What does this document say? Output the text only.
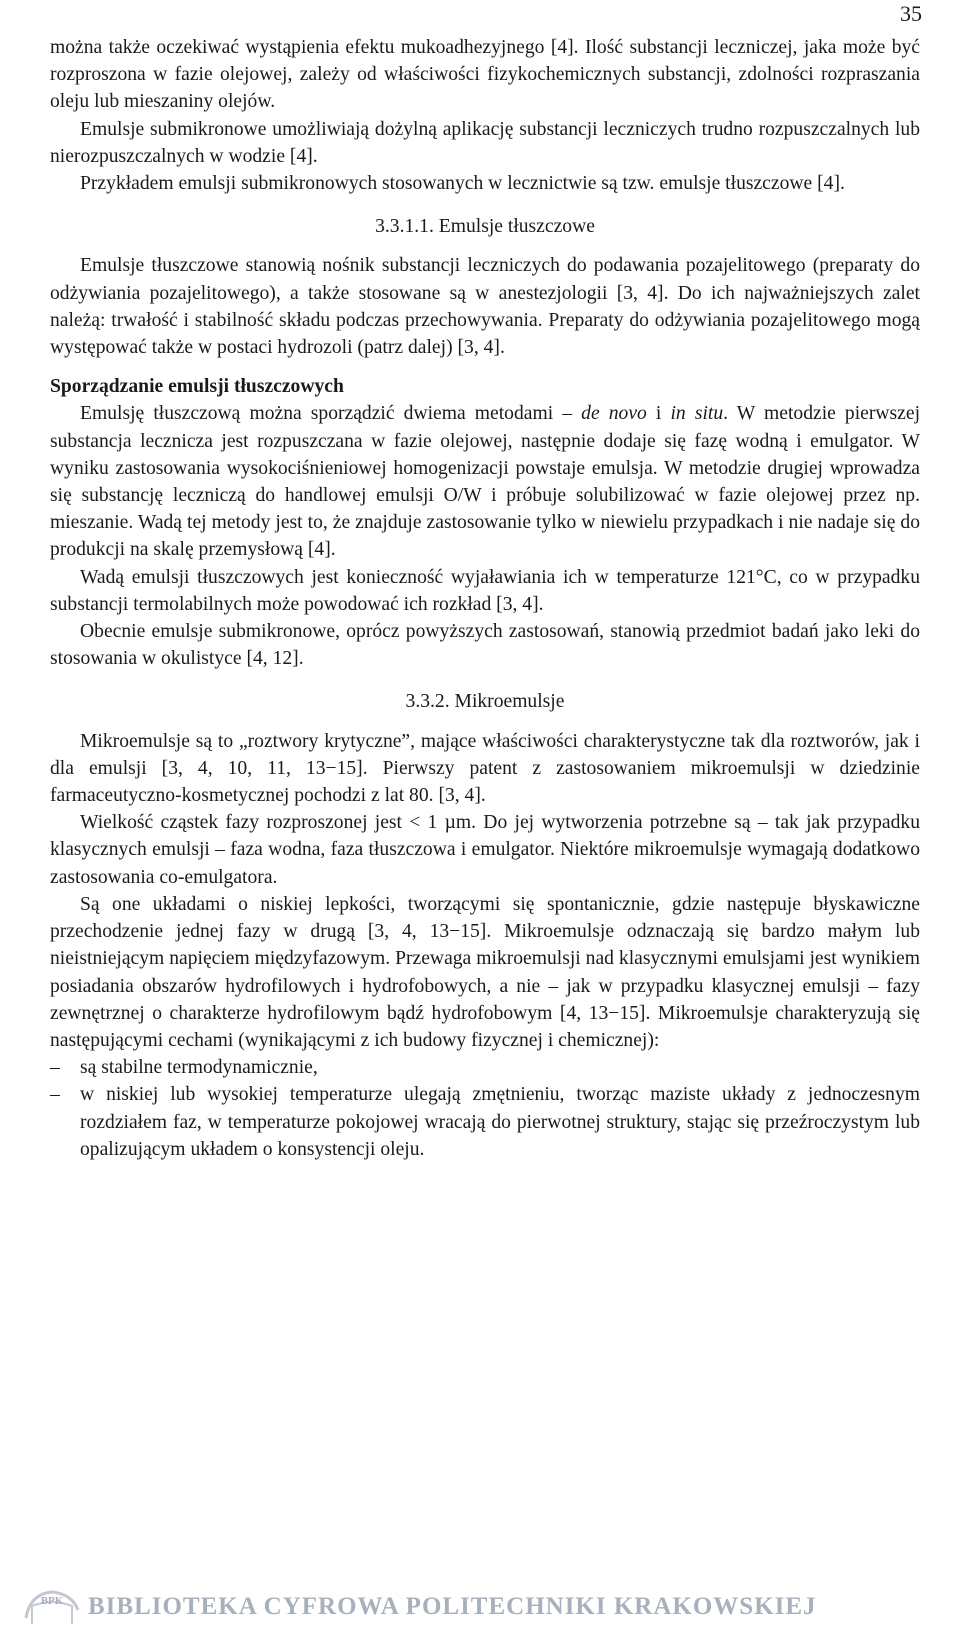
35

można także oczekiwać wystąpienia efektu mukoadhezyjnego [4]. Ilość substancji leczniczej, jaka może być rozproszona w fazie olejowej, zależy od właściwości fizykochemicznych substancji, zdolności rozpraszania oleju lub mieszaniny olejów.

Emulsje submikronowe umożliwiają dożylną aplikację substancji leczniczych trudno rozpuszczalnych lub nierozpuszczalnych w wodzie [4].

Przykładem emulsji submikronowych stosowanych w lecznictwie są tzw. emulsje tłuszczowe [4].

3.3.1.1. Emulsje tłuszczowe

Emulsje tłuszczowe stanowią nośnik substancji leczniczych do podawania pozajelitowego (preparaty do odżywiania pozajelitowego), a także stosowane są w anestezjologii [3, 4]. Do ich najważniejszych zalet należą: trwałość i stabilność składu podczas przechowywania. Preparaty do odżywiania pozajelitowego mogą występować także w postaci hydrozoli (patrz dalej) [3, 4].

Sporządzanie emulsji tłuszczowych

Emulsję tłuszczową można sporządzić dwiema metodami – de novo i in situ. W metodzie pierwszej substancja lecznicza jest rozpuszczana w fazie olejowej, następnie dodaje się fazę wodną i emulgator. W wyniku zastosowania wysokociśnieniowej homogenizacji powstaje emulsja. W metodzie drugiej wprowadza się substancję leczniczą do handlowej emulsji O/W i próbuje solubilizować w fazie olejowej przez np. mieszanie. Wadą tej metody jest to, że znajduje zastosowanie tylko w niewielu przypadkach i nie nadaje się do produkcji na skalę przemysłową [4].

Wadą emulsji tłuszczowych jest konieczność wyjaławiania ich w temperaturze 121°C, co w przypadku substancji termolabilnych może powodować ich rozkład [3, 4].

Obecnie emulsje submikronowe, oprócz powyższych zastosowań, stanowią przedmiot badań jako leki do stosowania w okulistyce [4, 12].

3.3.2. Mikroemulsje

Mikroemulsje są to „roztwory krytyczne”, mające właściwości charakterystyczne tak dla roztworów, jak i dla emulsji [3, 4, 10, 11, 13−15]. Pierwszy patent z zastosowaniem mikroemulsji w dziedzinie farmaceutyczno-kosmetycznej pochodzi z lat 80. [3, 4].

Wielkość cząstek fazy rozproszonej jest < 1 µm. Do jej wytworzenia potrzebne są – tak jak przypadku klasycznych emulsji – faza wodna, faza tłuszczowa i emulgator. Niektóre mikroemulsje wymagają dodatkowo zastosowania co-emulgatora.

Są one układami o niskiej lepkości, tworzącymi się spontanicznie, gdzie następuje błyskawiczne przechodzenie jednej fazy w drugą [3, 4, 13−15]. Mikroemulsje odznaczają się bardzo małym lub nieistniejącym napięciem międzyfazowym. Przewaga mikroemulsji nad klasycznymi emulsjami jest wynikiem posiadania obszarów hydrofilowych i hydrofobowych, a nie – jak w przypadku klasycznej emulsji – fazy zewnętrznej o charakterze hydrofilowym bądź hydrofobowym [4, 13−15]. Mikroemulsje charakteryzują się następującymi cechami (wynikającymi z ich budowy fizycznej i chemicznej):

– są stabilne termodynamicznie,
– w niskiej lub wysokiej temperaturze ulegają zmętnieniu, tworząc maziste układy z jednoczesnym rozdziałem faz, w temperaturze pokojowej wracają do pierwotnej struktury, stając się przeźroczystym lub opalizującym układem o konsystencji oleju.
BPK BIBLIOTEKA CYFROWA POLITECHNIKI KRAKOWSKIEJ
